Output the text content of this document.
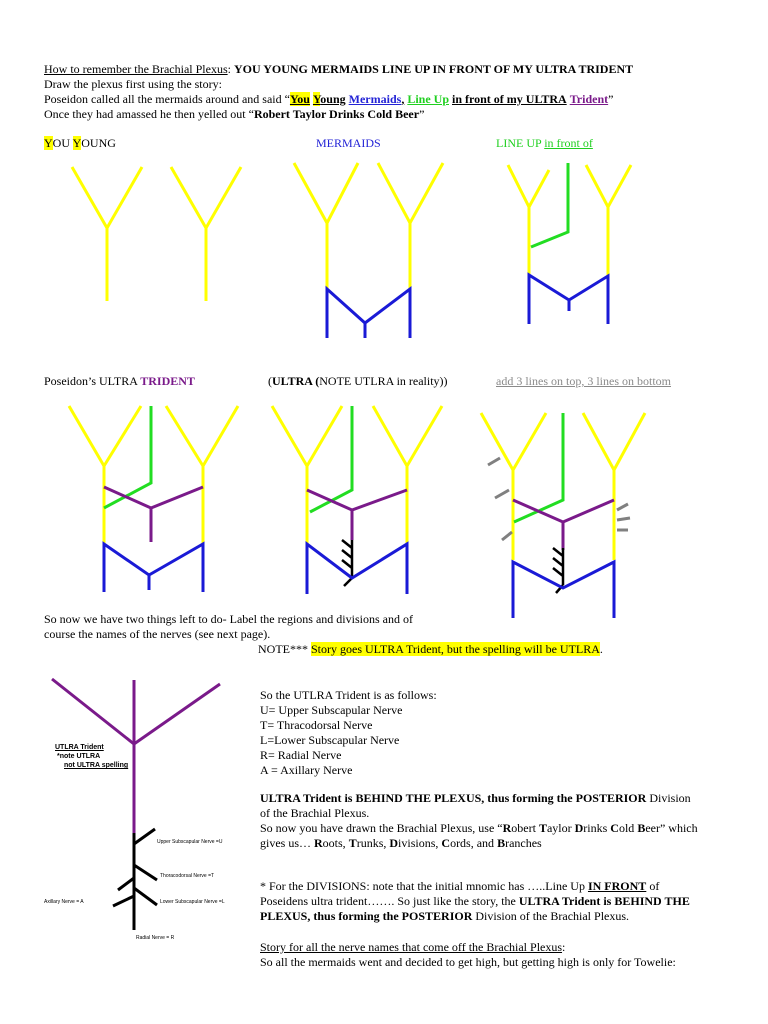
How to remember the Brachial Plexus: YOU YOUNG MERMAIDS LINE UP IN FRONT OF MY ULTRA TRIDENT
Draw the plexus first using the story:
Poseidon called all the mermaids around and said “You Young Mermaids, Line Up in front of my ULTRA Trident”
Once they had amassed he then yelled out “Robert Taylor Drinks Cold Beer”
YOU YOUNG	MERMAIDS	LINE UP in front of
Poseidon’s ULTRA TRIDENT	(ULTRA (NOTE UTLRA in reality))	add 3 lines on top, 3 lines on bottom
So now we have two things left to do- Label the regions and divisions and of
course the names of the nerves (see next page).
NOTE*** Story goes ULTRA Trident, but the spelling will be UTLRA.
UTLRA Trident
*note UTLRA
not ULTRA spelling
Upper Subscapular Nerve =U
Thoracodorsal Nerve =T
Lower Subscapular Nerve =L
Axillary Nerve = A
Radial Nerve = R
So the UTLRA Trident is as follows:
U= Upper Subscapular Nerve
T= Thracodorsal Nerve
L=Lower Subscapular Nerve
R= Radial Nerve
A = Axillary Nerve
ULTRA Trident is BEHIND THE PLEXUS, thus forming the POSTERIOR Division
of the Brachial Plexus.
So now you have drawn the Brachial Plexus, use “Robert Taylor Drinks Cold Beer” which
gives us… Roots, Trunks, Divisions, Cords, and Branches
* For the DIVISIONS: note that the initial mnomic has …..Line Up IN FRONT of
Poseidens ultra trident……. So just like the story, the ULTRA Trident is BEHIND THE
PLEXUS, thus forming the POSTERIOR Division of the Brachial Plexus.
Story for all the nerve names that come off the Brachial Plexus:
So all the mermaids went and decided to get high, but getting high is only for Towelie:
